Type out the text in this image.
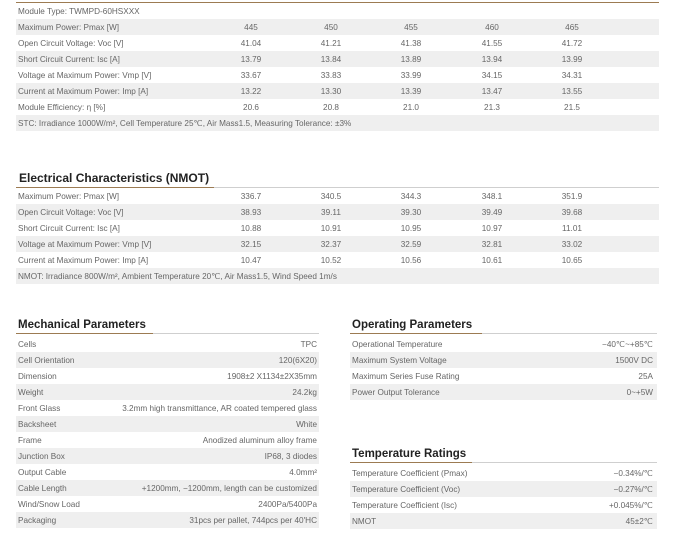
Module Type: TWMPD-60HSXXX
Maximum Power: Pmax [W]	445	450	455	460	465
Open Circuit Voltage: Voc [V]	41.04	41.21	41.38	41.55	41.72
Short Circuit Current: Isc [A]	13.79	13.84	13.89	13.94	13.99
Voltage at Maximum Power: Vmp [V]	33.67	33.83	33.99	34.15	34.31
Current at Maximum Power: Imp [A]	13.22	13.30	13.39	13.47	13.55
Module Efficiency: η [%]	20.6	20.8	21.0	21.3	21.5
STC: Irradiance 1000W/m², Cell Temperature 25℃, Air Mass1.5, Measuring Tolerance: ±3%
Electrical Characteristics (NMOT)
Maximum Power: Pmax [W]	336.7	340.5	344.3	348.1	351.9
Open Circuit Voltage: Voc [V]	38.93	39.11	39.30	39.49	39.68
Short Circuit Current: Isc [A]	10.88	10.91	10.95	10.97	11.01
Voltage at Maximum Power: Vmp [V]	32.15	32.37	32.59	32.81	33.02
Current at Maximum Power: Imp [A]	10.47	10.52	10.56	10.61	10.65
NMOT: Irradiance 800W/m², Ambient Temperature 20℃, Air Mass1.5, Wind Speed 1m/s
Mechanical Parameters
Cells	TPC
Cell Orientation	120(6X20)
Dimension	1908±2 X1134±2X35mm
Weight	24.2kg
Front Glass	3.2mm high transmittance, AR coated tempered glass
Backsheet	White
Frame	Anodized aluminum alloy frame
Junction Box	IP68, 3 diodes
Output Cable	4.0mm²
Cable Length	+1200mm, −1200mm, length can be customized
Wind/Snow Load	2400Pa/5400Pa
Packaging	31pcs per pallet, 744pcs per 40'HC
Operating Parameters
Operational Temperature	−40℃~+85℃
Maximum System Voltage	1500V DC
Maximum Series Fuse Rating	25A
Power Output Tolerance	0~+5W
Temperature Ratings
Temperature Coefficient (Pmax)	−0.34%/℃
Temperature Coefficient (Voc)	−0.27%/℃
Temperature Coefficient (Isc)	+0.045%/℃
NMOT	45±2℃
